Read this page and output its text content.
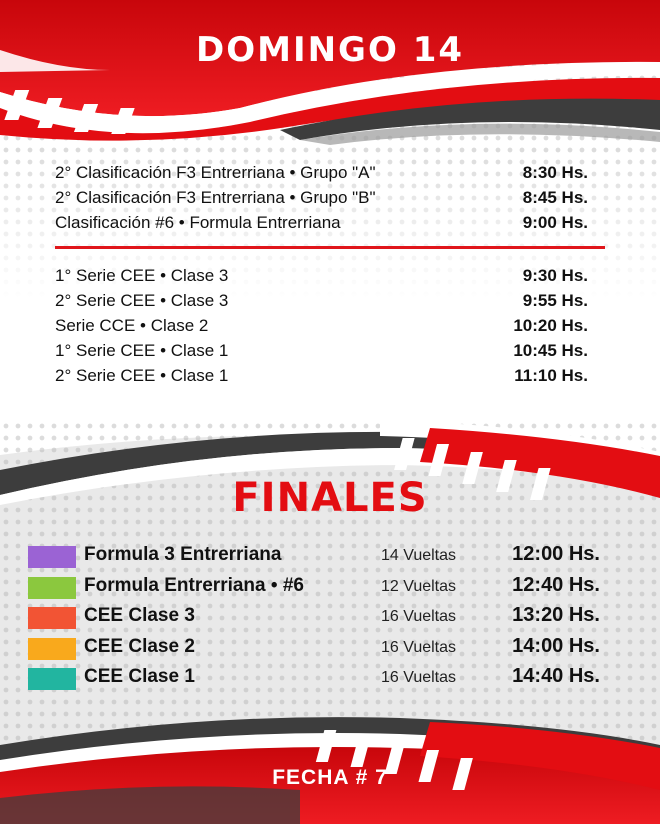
DOMINGO 14
2° Clasificación F3 Entrerriana • Grupo "A"	8:30 Hs.
2° Clasificación F3 Entrerriana • Grupo "B"	8:45 Hs.
Clasificación #6 • Formula Entrerriana	9:00 Hs.
1° Serie CEE • Clase 3	9:30 Hs.
2° Serie CEE • Clase 3	9:55 Hs.
Serie CCE • Clase 2	10:20 Hs.
1° Serie CEE • Clase 1	10:45 Hs.
2° Serie CEE • Clase 1	11:10 Hs.
FINALES
Formula 3 Entrerriana	14 Vueltas	12:00 Hs.
Formula Entrerriana • #6	12 Vueltas	12:40 Hs.
CEE Clase 3	16 Vueltas	13:20 Hs.
CEE Clase 2	16 Vueltas	14:00 Hs.
CEE Clase 1	16 Vueltas	14:40 Hs.
FECHA # 7
